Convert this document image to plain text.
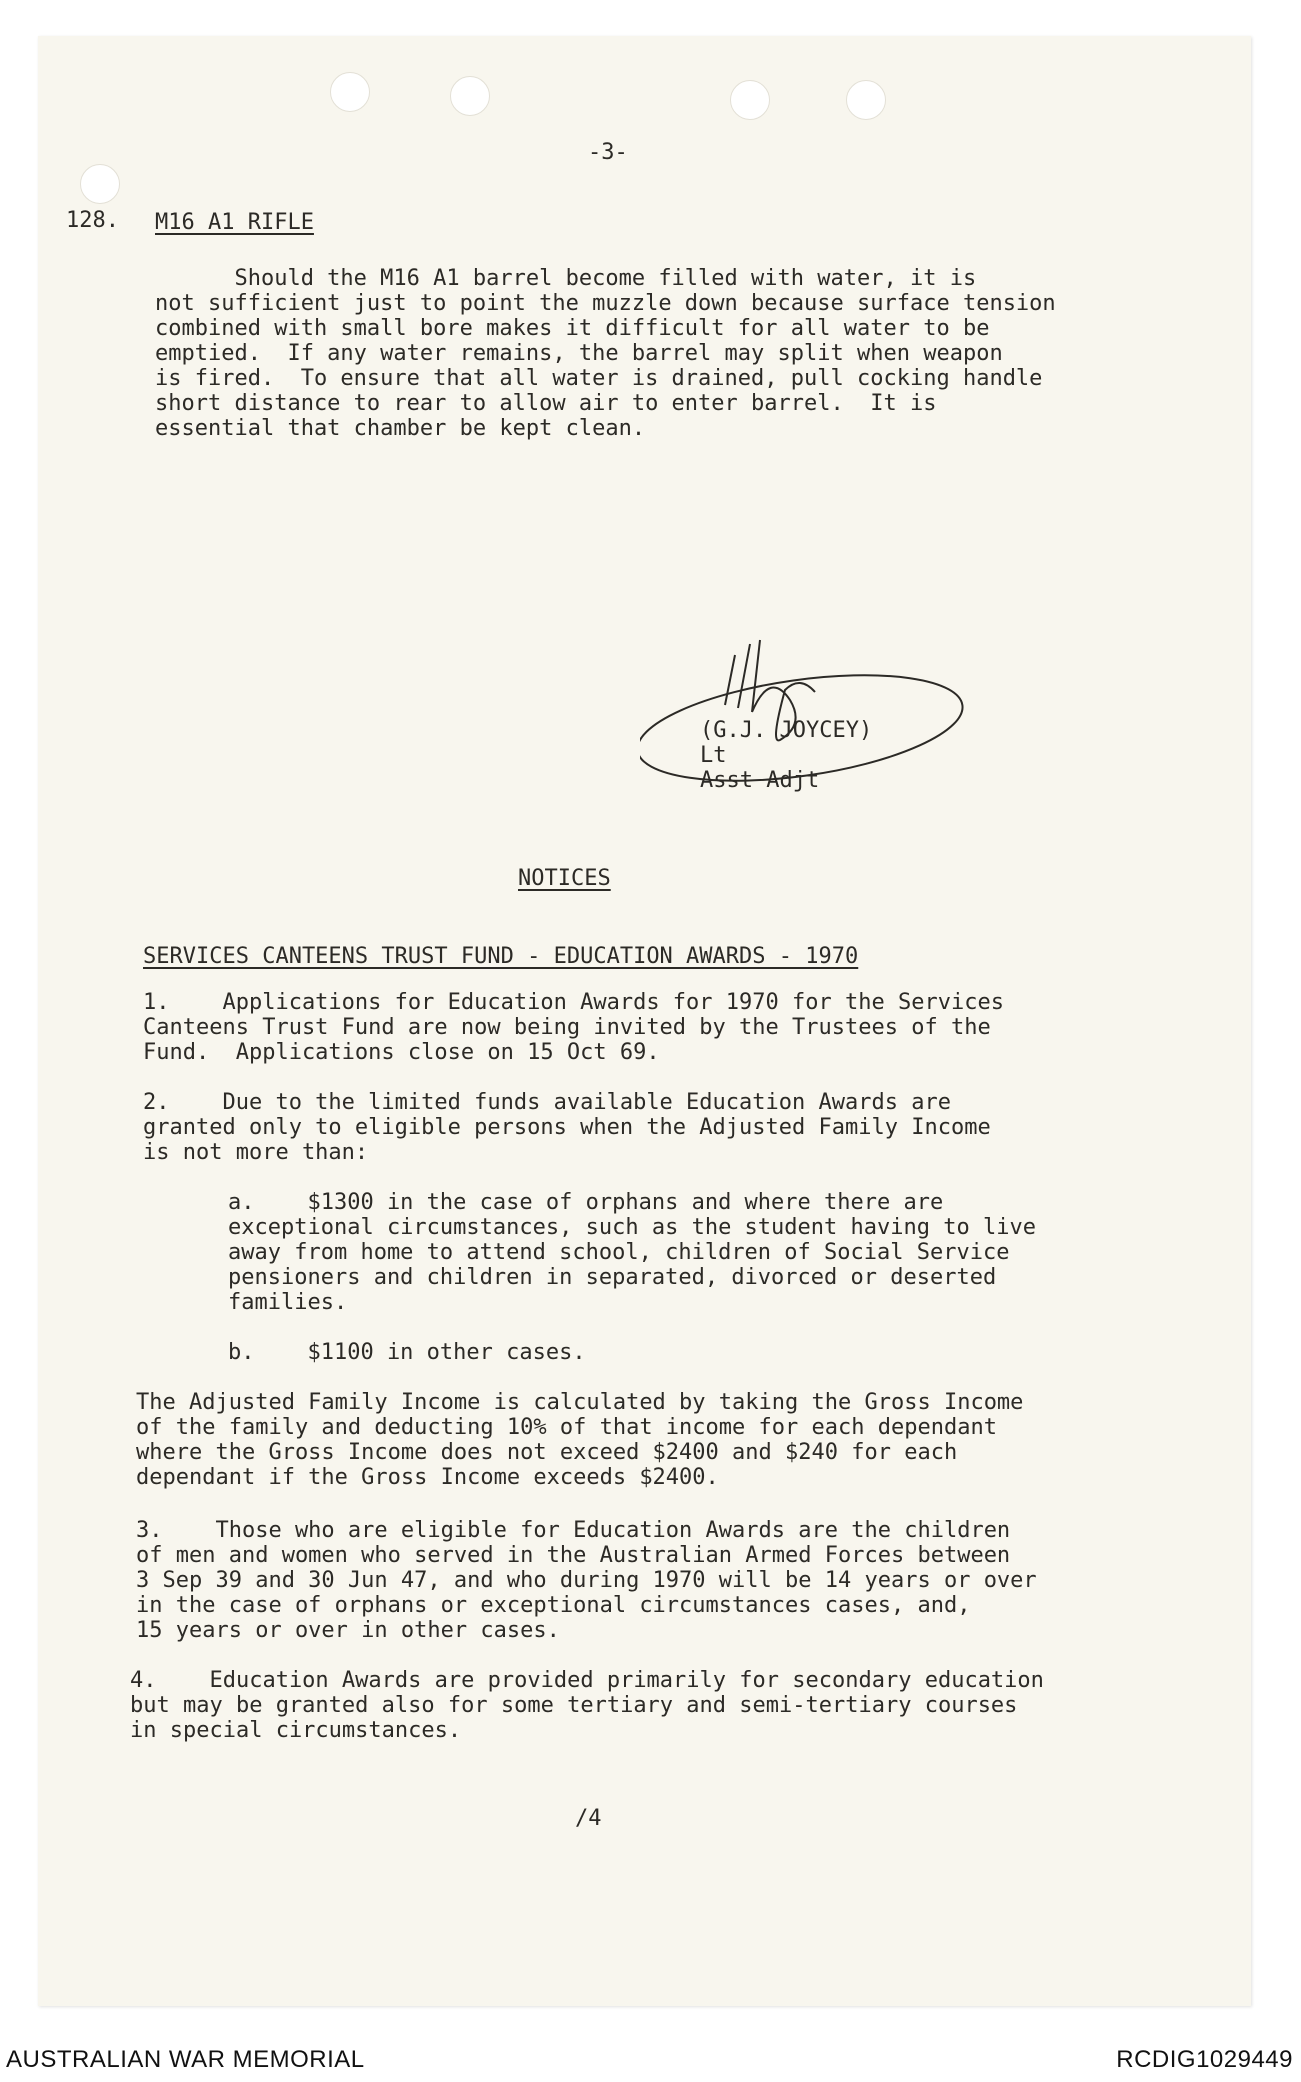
-3-
128. M16 A1 RIFLE
Should the M16 A1 barrel become filled with water, it is
not sufficient just to point the muzzle down because surface tension
combined with small bore makes it difficult for all water to be
emptied.  If any water remains, the barrel may split when weapon
is fired.  To ensure that all water is drained, pull cocking handle
short distance to rear to allow air to enter barrel.  It is
essential that chamber be kept clean.
(G.J. JOYCEY)
Lt
Asst Adjt
NOTICES
SERVICES CANTEENS TRUST FUND - EDUCATION AWARDS - 1970
1.    Applications for Education Awards for 1970 for the Services
Canteens Trust Fund are now being invited by the Trustees of the
Fund.  Applications close on 15 Oct 69.
2.    Due to the limited funds available Education Awards are
granted only to eligible persons when the Adjusted Family Income
is not more than:
a.    $1300 in the case of orphans and where there are
exceptional circumstances, such as the student having to live
away from home to attend school, children of Social Service
pensioners and children in separated, divorced or deserted
families.
b.    $1100 in other cases.
The Adjusted Family Income is calculated by taking the Gross Income
of the family and deducting 10% of that income for each dependant
where the Gross Income does not exceed $2400 and $240 for each
dependant if the Gross Income exceeds $2400.
3.    Those who are eligible for Education Awards are the children
of men and women who served in the Australian Armed Forces between
3 Sep 39 and 30 Jun 47, and who during 1970 will be 14 years or over
in the case of orphans or exceptional circumstances cases, and,
15 years or over in other cases.
4.    Education Awards are provided primarily for secondary education
but may be granted also for some tertiary and semi-tertiary courses
in special circumstances.
/4
AUSTRALIAN WAR MEMORIAL	RCDIG1029449
